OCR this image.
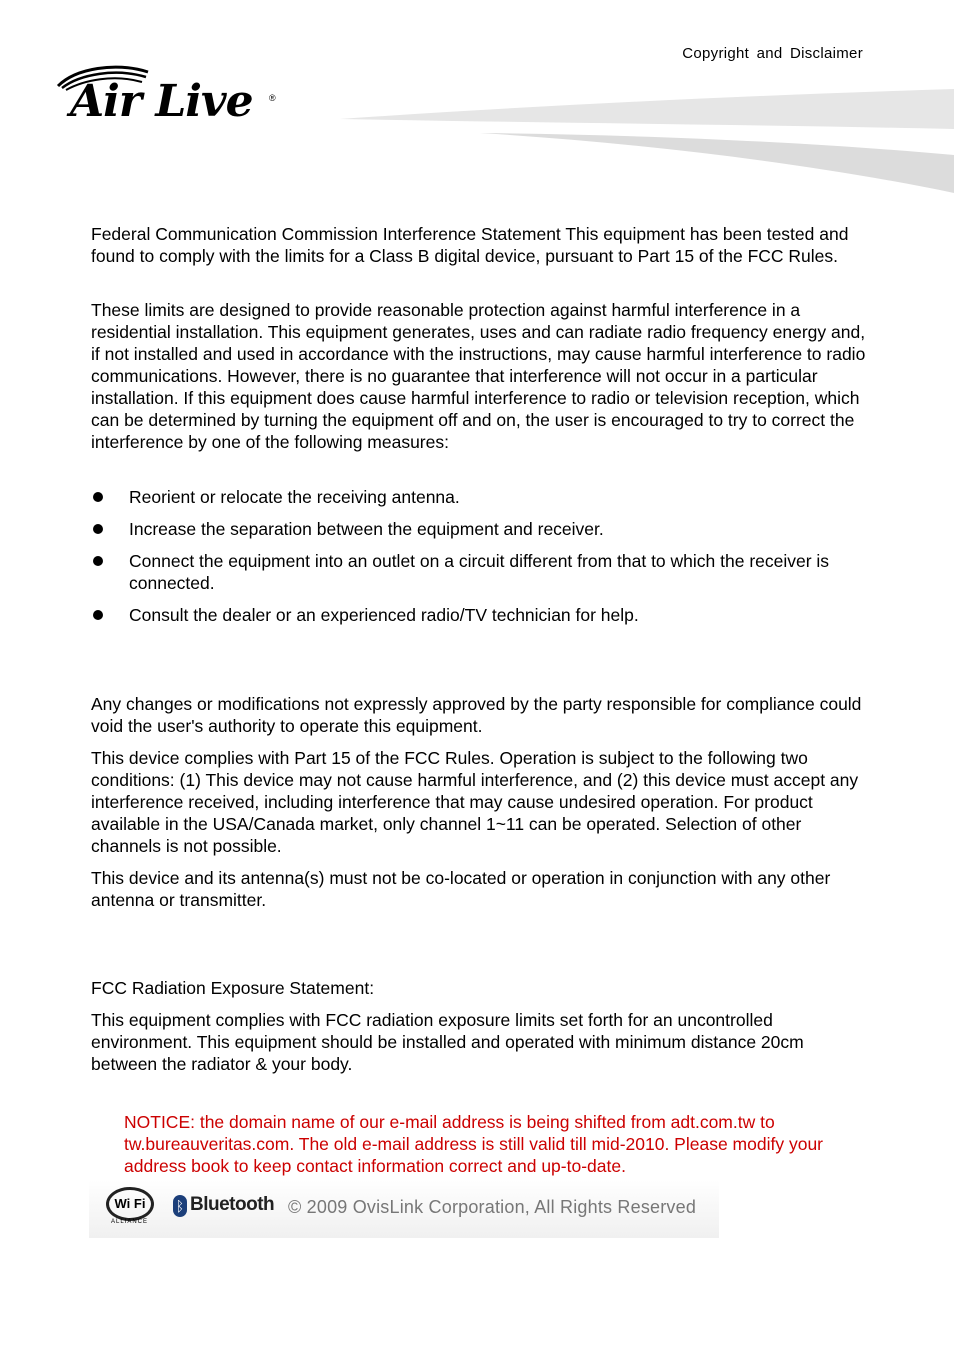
Copyright and Disclaimer
Air Live ®

Federal Communication Commission Interference Statement This equipment has been tested and found to comply with the limits for a Class B digital device, pursuant to Part 15 of the FCC Rules.

These limits are designed to provide reasonable protection against harmful interference in a residential installation. This equipment generates, uses and can radiate radio frequency energy and, if not installed and used in accordance with the instructions, may cause harmful interference to radio communications. However, there is no guarantee that interference will not occur in a particular installation. If this equipment does cause harmful interference to radio or television reception, which can be determined by turning the equipment off and on, the user is encouraged to try to correct the interference by one of the following measures:

Reorient or relocate the receiving antenna.
Increase the separation between the equipment and receiver.
Connect the equipment into an outlet on a circuit different from that to which the receiver is connected.
Consult the dealer or an experienced radio/TV technician for help.

Any changes or modifications not expressly approved by the party responsible for compliance could void the user's authority to operate this equipment.

This device complies with Part 15 of the FCC Rules. Operation is subject to the following two conditions: (1) This device may not cause harmful interference, and (2) this device must accept any interference received, including interference that may cause undesired operation. For product available in the USA/Canada market, only channel 1~11 can be operated. Selection of other channels is not possible.

This device and its antenna(s) must not be co-located or operation in conjunction with any other antenna or transmitter.

FCC Radiation Exposure Statement:

This equipment complies with FCC radiation exposure limits set forth for an uncontrolled environment. This equipment should be installed and operated with minimum distance 20cm between the radiator & your body.

NOTICE: the domain name of our e-mail address is being shifted from adt.com.tw to tw.bureauveritas.com. The old e-mail address is still valid till mid-2010. Please modify your address book to keep contact information correct and up-to-date.

Wi Fi
ALLIANCE
ᛒ Bluetooth © 2009 OvisLink Corporation, All Rights Reserved
